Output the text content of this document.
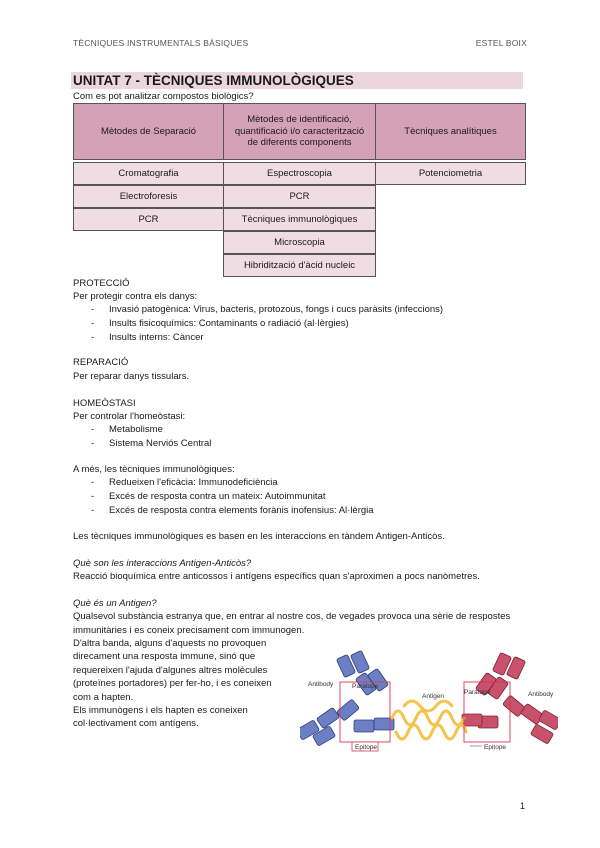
TÈCNIQUES INSTRUMENTALS BÀSIQUES	ESTEL BOIX
UNITAT 7 - TÈCNIQUES IMMUNOLÒGIQUES
Com es pot analitzar compostos biològics?
Mètodes de Separació
Mètodes de identificació, quantificació i/o caracterització de diferents components
Tècniques analítiques
Cromatografia
Electroforesis
PCR
Espectroscopia
PCR
Tècniques immunològiques
Microscopia
Hibridització d'àcid nucleic
Potenciometria
PROTECCIÓ
Per protegir contra els danys:
- Invasió patogènica: Virus, bacteris, protozous, fongs i cucs paràsits (infeccions)
- Insults fisicoquímics: Contaminants o radiació (al·lèrgies)
- Insults interns: Càncer
REPARACIÓ
Per reparar danys tissulars.
HOMEÒSTASI
Per controlar l'homeòstasi:
- Metabolisme
- Sistema Nerviós Central
A més, les tècniques immunològiques:
- Redueixen l'eficàcia: Immunodeficiència
- Excés de resposta contra un mateix: Autoimmunitat
- Excés de resposta contra elements forànis inofensius: Al·lèrgia
Les tècniques immunològiques es basen en les interaccions en tàndem Antigen-Anticòs.
Què son les interaccions Antigen-Anticòs?
Reacció bioquímica entre anticossos i antígens específics quan s'aproximen a pocs nanòmetres.
Què és un Antigen?
Qualsevol substància estranya que, en entrar al nostre cos, de vegades provoca una sèrie de respostes immunitàries i es coneix precisament com immunogen.
D'altra banda, alguns d'aquests no provoquen
direcament una resposta immune, sinó que
requereixen l'ajuda d'algunes altres molècules
(proteïnes portadores) per fer-ho, i es coneixen
com a hapten.
Els immunògens i els hapten es coneixen
col·lectivament com antígens.
Antibody
Antibody
Antigen
Paratope
Paratope
Epitope	Epitope
1
